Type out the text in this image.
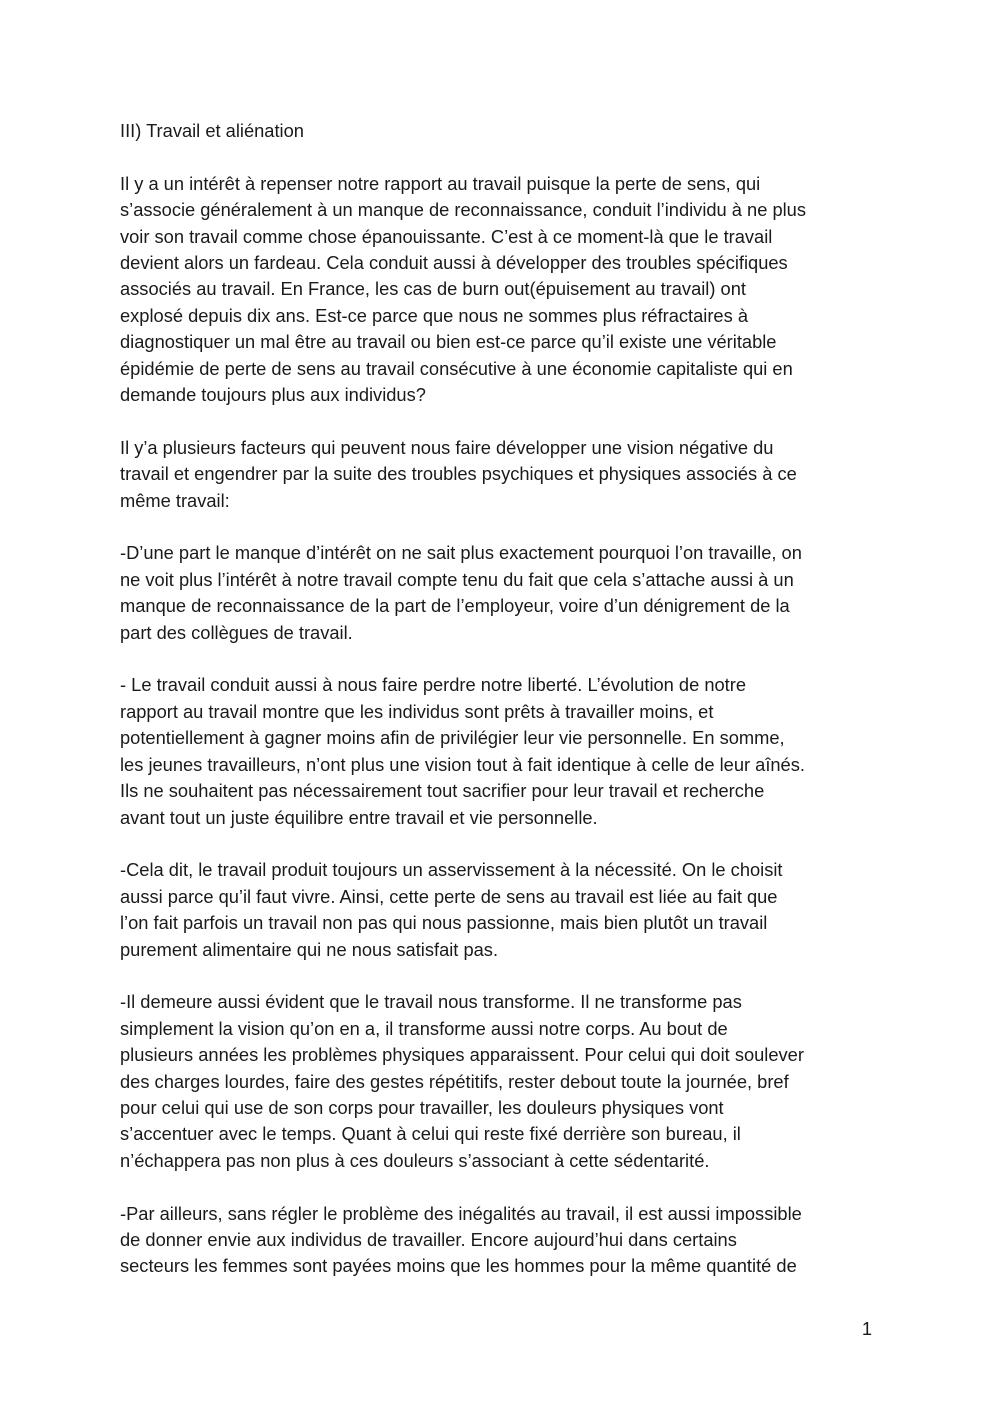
III) Travail et aliénation
Il y a un intérêt à repenser notre rapport au travail puisque la perte de sens, qui
s’associe généralement à un manque de reconnaissance, conduit l’individu à ne plus
voir son travail comme chose épanouissante. C’est à ce moment-là que le travail
devient alors un fardeau. Cela conduit aussi à développer des troubles spécifiques
associés au travail. En France, les cas de burn out(épuisement au travail) ont
explosé depuis dix ans. Est-ce parce que nous ne sommes plus réfractaires à
diagnostiquer un mal être au travail ou bien est-ce parce qu’il existe une véritable
épidémie de perte de sens au travail consécutive à une économie capitaliste qui en
demande toujours plus aux individus?
Il y’a plusieurs facteurs qui peuvent nous faire développer une vision négative du
travail et engendrer par la suite des troubles psychiques et physiques associés à ce
même travail:
-D’une part le manque d’intérêt on ne sait plus exactement pourquoi l’on travaille, on
ne voit plus l’intérêt à notre travail compte tenu du fait que cela s’attache aussi à un
manque de reconnaissance de la part de l’employeur, voire d’un dénigrement de la
part des collègues de travail.
- Le travail conduit aussi à nous faire perdre notre liberté. L’évolution de notre
rapport au travail montre que les individus sont prêts à travailler moins, et
potentiellement à gagner moins afin de privilégier leur vie personnelle. En somme,
les jeunes travailleurs, n’ont plus une vision tout à fait identique à celle de leur aînés.
Ils ne souhaitent pas nécessairement tout sacrifier pour leur travail et recherche
avant tout un juste équilibre entre travail et vie personnelle.
-Cela dit, le travail produit toujours un asservissement à la nécessité. On le choisit
aussi parce qu’il faut vivre. Ainsi, cette perte de sens au travail est liée au fait que
l’on fait parfois un travail non pas qui nous passionne, mais bien plutôt un travail
purement alimentaire qui ne nous satisfait pas.
-Il demeure aussi évident que le travail nous transforme. Il ne transforme pas
simplement la vision qu’on en a, il transforme aussi notre corps. Au bout de
plusieurs années les problèmes physiques apparaissent. Pour celui qui doit soulever
des charges lourdes, faire des gestes répétitifs, rester debout toute la journée, bref
pour celui qui use de son corps pour travailler, les douleurs physiques vont
s’accentuer avec le temps. Quant à celui qui reste fixé derrière son bureau, il
n’échappera pas non plus à ces douleurs s’associant à cette sédentarité.
-Par ailleurs, sans régler le problème des inégalités au travail, il est aussi impossible
de donner envie aux individus de travailler. Encore aujourd’hui dans certains
secteurs les femmes sont payées moins que les hommes pour la même quantité de
1
